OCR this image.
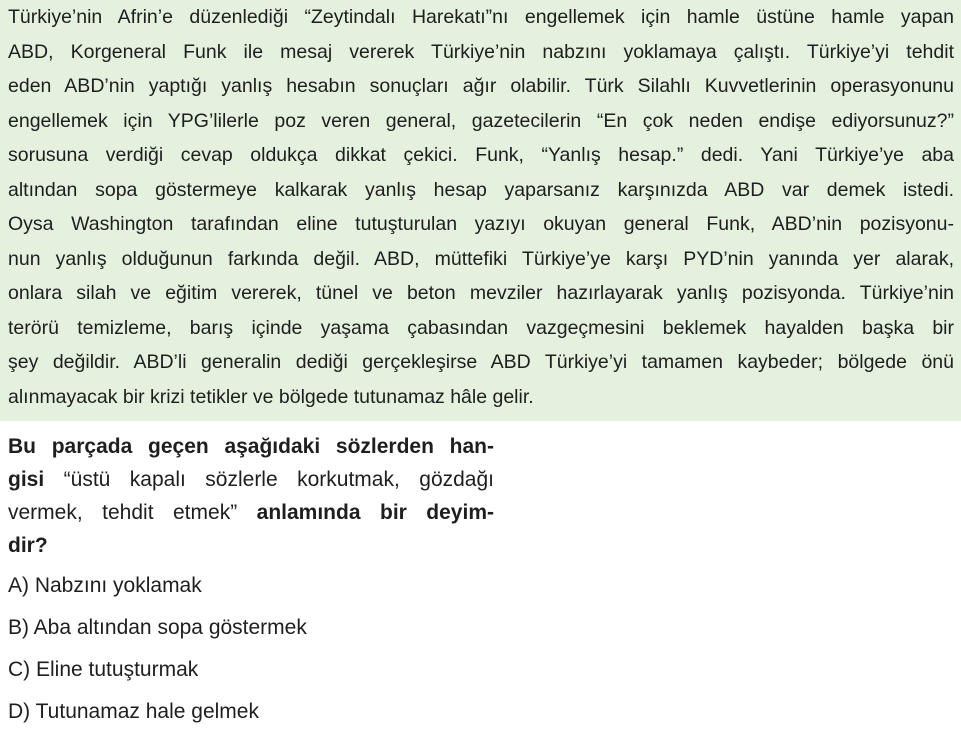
Türkiye’nin Afrin’e düzenlediği “Zeytindalı Harekatı”nı engellemek için hamle üstüne hamle yapan
ABD, Korgeneral Funk ile mesaj vererek Türkiye’nin nabzını yoklamaya çalıştı. Türkiye’yi tehdit
eden ABD’nin yaptığı yanlış hesabın sonuçları ağır olabilir. Türk Silahlı Kuvvetlerinin operasyonunu
engellemek için YPG’lilerle poz veren general, gazetecilerin “En çok neden endişe ediyorsunuz?”
sorusuna verdiği cevap oldukça dikkat çekici. Funk, “Yanlış hesap.” dedi. Yani Türkiye’ye aba
altından sopa göstermeye kalkarak yanlış hesap yaparsanız karşınızda ABD var demek istedi.
Oysa Washington tarafından eline tutuşturulan yazıyı okuyan general Funk, ABD’nin pozisyonu-
nun yanlış olduğunun farkında değil. ABD, müttefiki Türkiye’ye karşı PYD’nin yanında yer alarak,
onlara silah ve eğitim vererek, tünel ve beton mevziler hazırlayarak yanlış pozisyonda. Türkiye’nin
terörü temizleme, barış içinde yaşama çabasından vazgeçmesini beklemek hayalden başka bir
şey değildir. ABD’li generalin dediği gerçekleşirse ABD Türkiye’yi tamamen kaybeder; bölgede önü
alınmayacak bir krizi tetikler ve bölgede tutunamaz hâle gelir.
Bu parçada geçen aşağıdaki sözlerden han-
gisi “üstü kapalı sözlerle korkutmak, gözdağı
vermek, tehdit etmek” anlamında bir deyim-
dir?
A) Nabzını yoklamak
B) Aba altından sopa göstermek
C) Eline tutuşturmak
D) Tutunamaz hale gelmek
